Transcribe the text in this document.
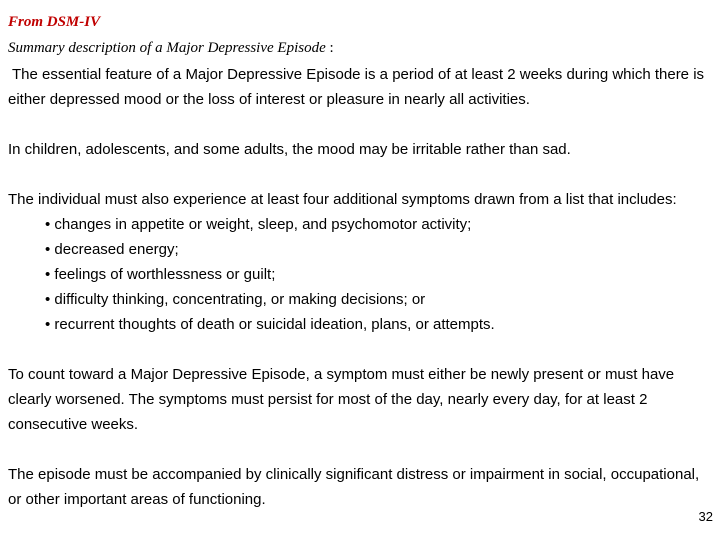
From DSM-IV
Summary description of a Major Depressive Episode :

The essential feature of a Major Depressive Episode is a period of at least 2 weeks during which there is either depressed mood or the loss of interest or pleasure in nearly all activities.

In children, adolescents, and some adults, the mood may be irritable rather than sad.

The individual must also experience at least four additional symptoms drawn from a list that includes:

• changes in appetite or weight, sleep, and psychomotor activity;
• decreased energy;
• feelings of worthlessness or guilt;
• difficulty thinking, concentrating, or making decisions; or
• recurrent thoughts of death or suicidal ideation, plans, or attempts.

To count toward a Major Depressive Episode, a symptom must either be newly present or must have clearly worsened. The symptoms must persist for most of the day, nearly every day, for at least 2 consecutive weeks.

The episode must be accompanied by clinically significant distress or impairment in social, occupational, or other important areas of functioning.

32
